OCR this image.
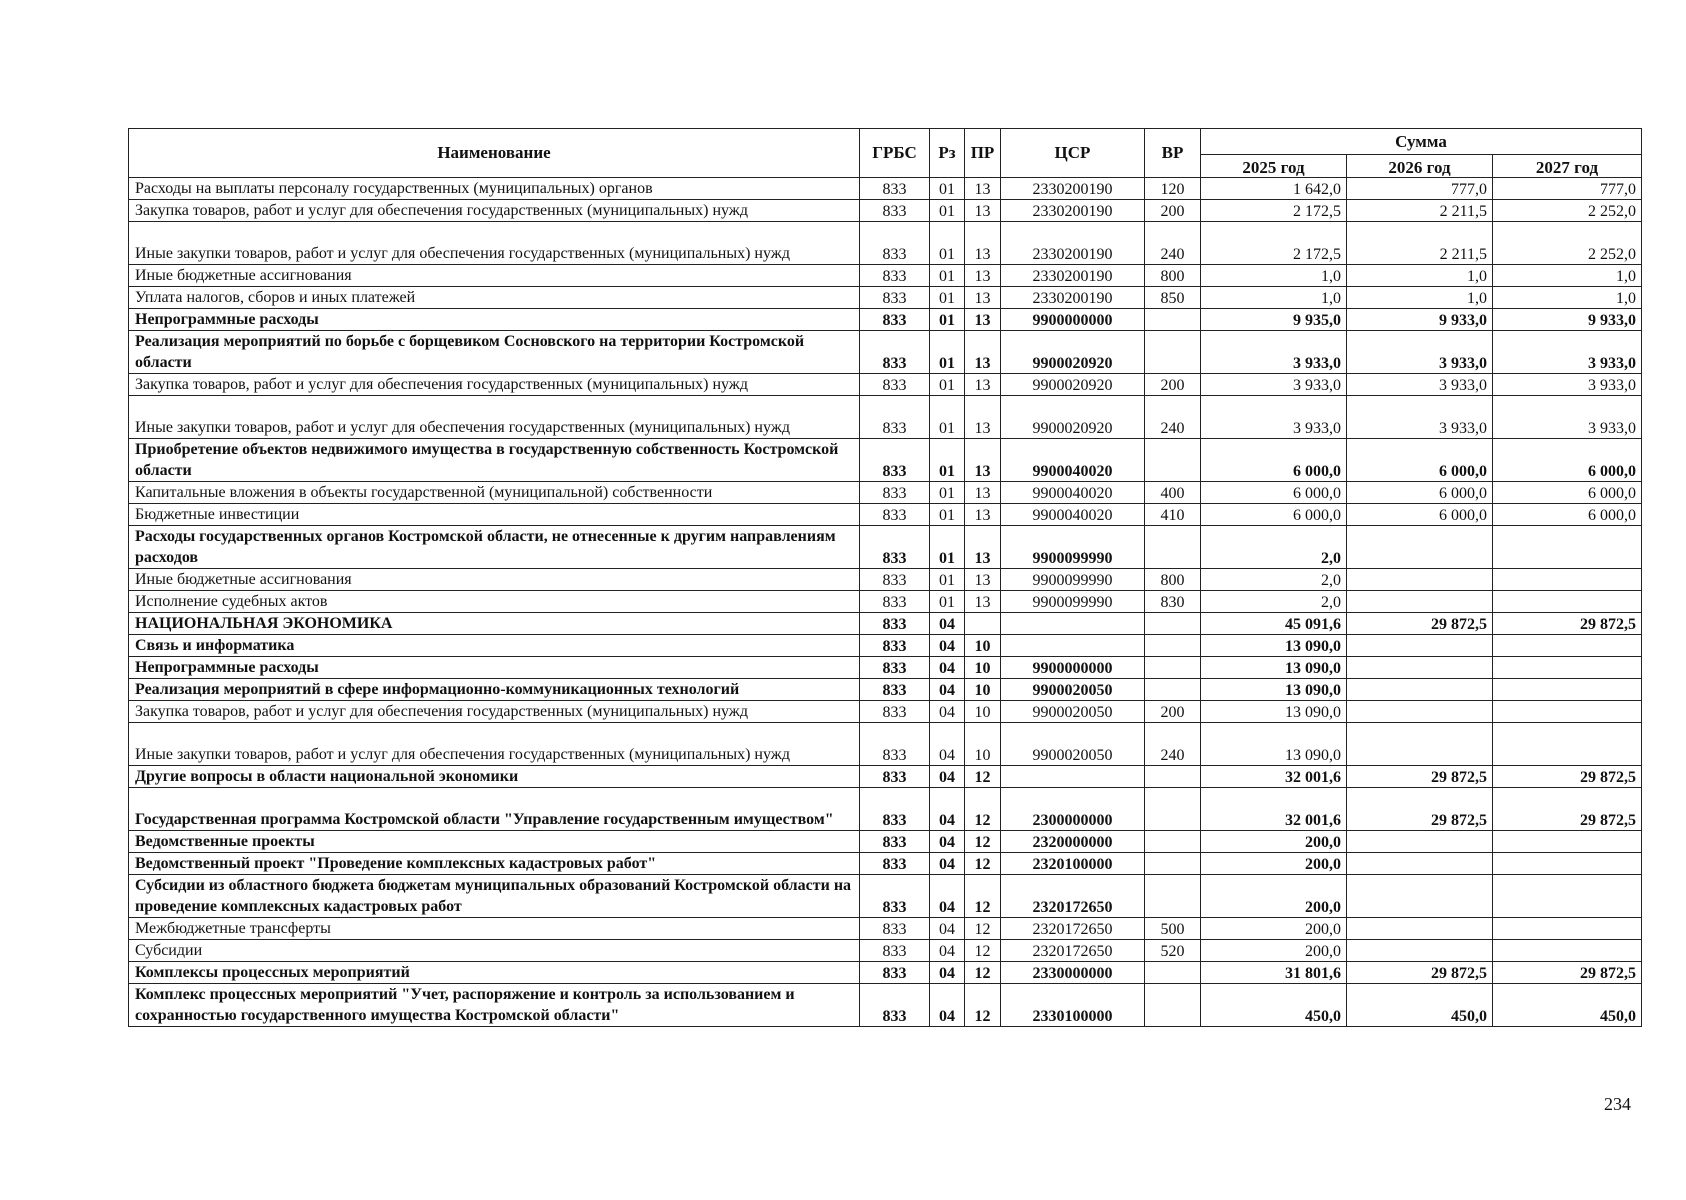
Наименование	ГРБС	Рз	ПР	ЦСР	ВР	Сумма		
						2025 год	2026 год	2027 год
Расходы на выплаты персоналу государственных (муниципальных) органов	833	01	13	2330200190	120	1 642,0	777,0	777,0
Закупка товаров, работ и услуг для обеспечения государственных (муниципальных) нужд	833	01	13	2330200190	200	2 172,5	2 211,5	2 252,0
Иные закупки товаров, работ и услуг для обеспечения государственных (муниципальных) нужд	833	01	13	2330200190	240	2 172,5	2 211,5	2 252,0
Иные бюджетные ассигнования	833	01	13	2330200190	800	1,0	1,0	1,0
Уплата налогов, сборов и иных платежей	833	01	13	2330200190	850	1,0	1,0	1,0
Непрограммные расходы	833	01	13	9900000000		9 935,0	9 933,0	9 933,0
Реализация мероприятий по борьбе с борщевиком Сосновского на территории Костромской области	833	01	13	9900020920		3 933,0	3 933,0	3 933,0
Закупка товаров, работ и услуг для обеспечения государственных (муниципальных) нужд	833	01	13	9900020920	200	3 933,0	3 933,0	3 933,0
Иные закупки товаров, работ и услуг для обеспечения государственных (муниципальных) нужд	833	01	13	9900020920	240	3 933,0	3 933,0	3 933,0
Приобретение объектов недвижимого имущества в государственную собственность Костромской области	833	01	13	9900040020		6 000,0	6 000,0	6 000,0
Капитальные вложения в объекты государственной (муниципальной) собственности	833	01	13	9900040020	400	6 000,0	6 000,0	6 000,0
Бюджетные инвестиции	833	01	13	9900040020	410	6 000,0	6 000,0	6 000,0
Расходы государственных органов Костромской области, не отнесенные к другим направлениям расходов	833	01	13	9900099990		2,0		
Иные бюджетные ассигнования	833	01	13	9900099990	800	2,0		
Исполнение судебных актов	833	01	13	9900099990	830	2,0		
НАЦИОНАЛЬНАЯ ЭКОНОМИКА	833	04				45 091,6	29 872,5	29 872,5
Связь и информатика	833	04	10			13 090,0		
Непрограммные расходы	833	04	10	9900000000		13 090,0		
Реализация мероприятий в сфере информационно-коммуникационных технологий	833	04	10	9900020050		13 090,0		
Закупка товаров, работ и услуг для обеспечения государственных (муниципальных) нужд	833	04	10	9900020050	200	13 090,0		
Иные закупки товаров, работ и услуг для обеспечения государственных (муниципальных) нужд	833	04	10	9900020050	240	13 090,0		
Другие вопросы в области национальной экономики	833	04	12			32 001,6	29 872,5	29 872,5
Государственная программа Костромской области "Управление государственным имуществом"	833	04	12	2300000000		32 001,6	29 872,5	29 872,5
Ведомственные проекты	833	04	12	2320000000		200,0		
Ведомственный проект "Проведение комплексных кадастровых работ"	833	04	12	2320100000		200,0		
Субсидии из областного бюджета бюджетам муниципальных образований Костромской области на проведение комплексных кадастровых работ	833	04	12	2320172650		200,0		
Межбюджетные трансферты	833	04	12	2320172650	500	200,0		
Субсидии	833	04	12	2320172650	520	200,0		
Комплексы процессных мероприятий	833	04	12	2330000000		31 801,6	29 872,5	29 872,5
Комплекс процессных мероприятий "Учет, распоряжение и контроль за использованием и сохранностью государственного имущества Костромской области"	833	04	12	2330100000		450,0	450,0	450,0
234
